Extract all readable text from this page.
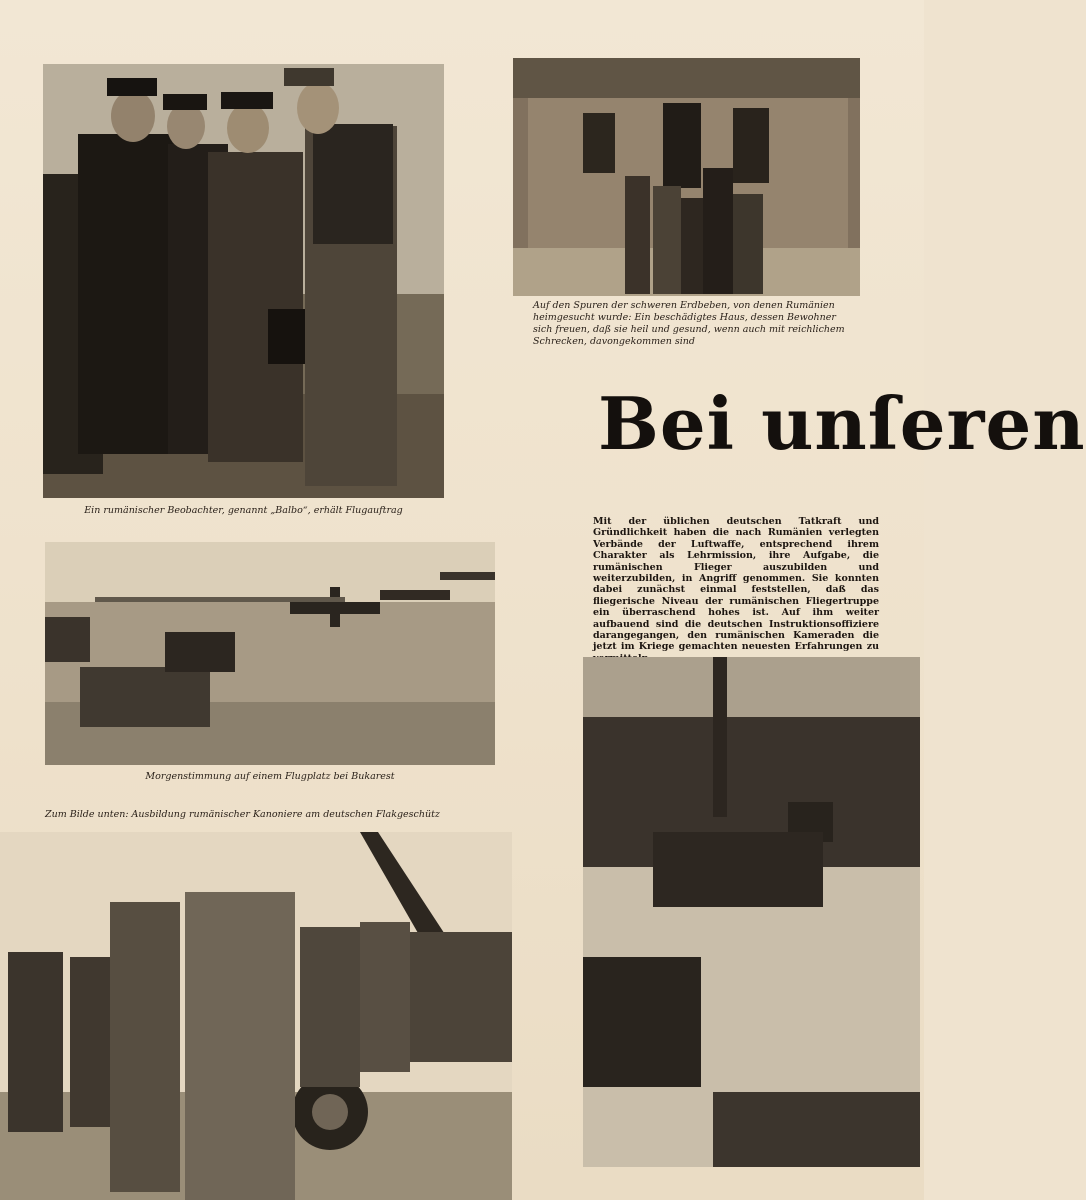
Ein rumänischer Beobachter, genannt „Balbo“, erhält Flugauftrag

Auf den Spuren der schweren Erdbeben, von denen Rumänien heimgesucht wurde: Ein beschädigtes Haus, dessen Bewohner sich freuen, daß sie heil und gesund, wenn auch mit reichlichem Schrecken, davongekommen sind

Bei unſeren

Mit der üblichen deutschen Tatkraft und Gründlichkeit haben die nach Rumänien verlegten Verbände der Luftwaffe, entsprechend ihrem Charakter als Lehrmission, ihre Aufgabe, die rumänischen Flieger auszubilden und weiterzubilden, in Angriff genommen. Sie konnten dabei zunächst einmal feststellen, daß das fliegerische Niveau der rumänischen Fliegertruppe ein überraschend hohes ist. Auf ihm weiter aufbauend sind die deutschen Instruktionsoffiziere darangegangen, den rumänischen Kameraden die jetzt im Kriege gemachten neuesten Erfahrungen zu

Morgenstimmung auf einem Flugplatz bei Bukarest

Zum Bilde unten: Ausbildung rumänischer Kanoniere am deutschen Flakgeschütz
